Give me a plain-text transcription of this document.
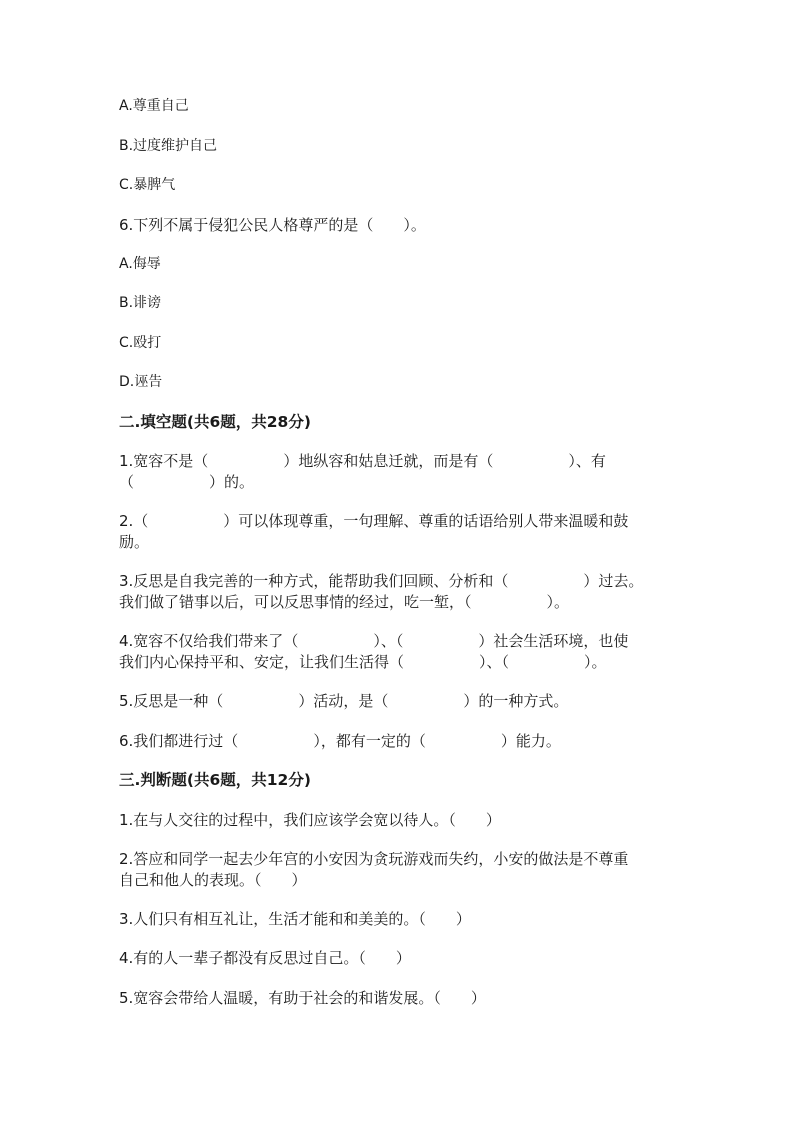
A.尊重自己
B.过度维护自己
C.暴脾气
6.下列不属于侵犯公民人格尊严的是（　　）。
A.侮辱
B.诽谤
C.殴打
D.诬告
二.填空题(共6题，共28分)
1.宽容不是（　　　　　）地纵容和姑息迁就，而是有（　　　　　）、有
（　　　　　）的。
2.（　　　　　）可以体现尊重，一句理解、尊重的话语给别人带来温暖和鼓
励。
3.反思是自我完善的一种方式，能帮助我们回顾、分析和（　　　　　）过去。
我们做了错事以后，可以反思事情的经过，吃一堑，（　　　　　）。
4.宽容不仅给我们带来了（　　　　　）、（　　　　　）社会生活环境，也使
我们内心保持平和、安定，让我们生活得（　　　　　）、（　　　　　）。
5.反思是一种（　　　　　）活动，是（　　　　　）的一种方式。
6.我们都进行过（　　　　　），都有一定的（　　　　　）能力。
三.判断题(共6题，共12分)
1.在与人交往的过程中，我们应该学会宽以待人。（　　）
2.答应和同学一起去少年宫的小安因为贪玩游戏而失约，小安的做法是不尊重
自己和他人的表现。（　　）
3.人们只有相互礼让，生活才能和和美美的。（　　）
4.有的人一辈子都没有反思过自己。（　　）
5.宽容会带给人温暖，有助于社会的和谐发展。（　　）
